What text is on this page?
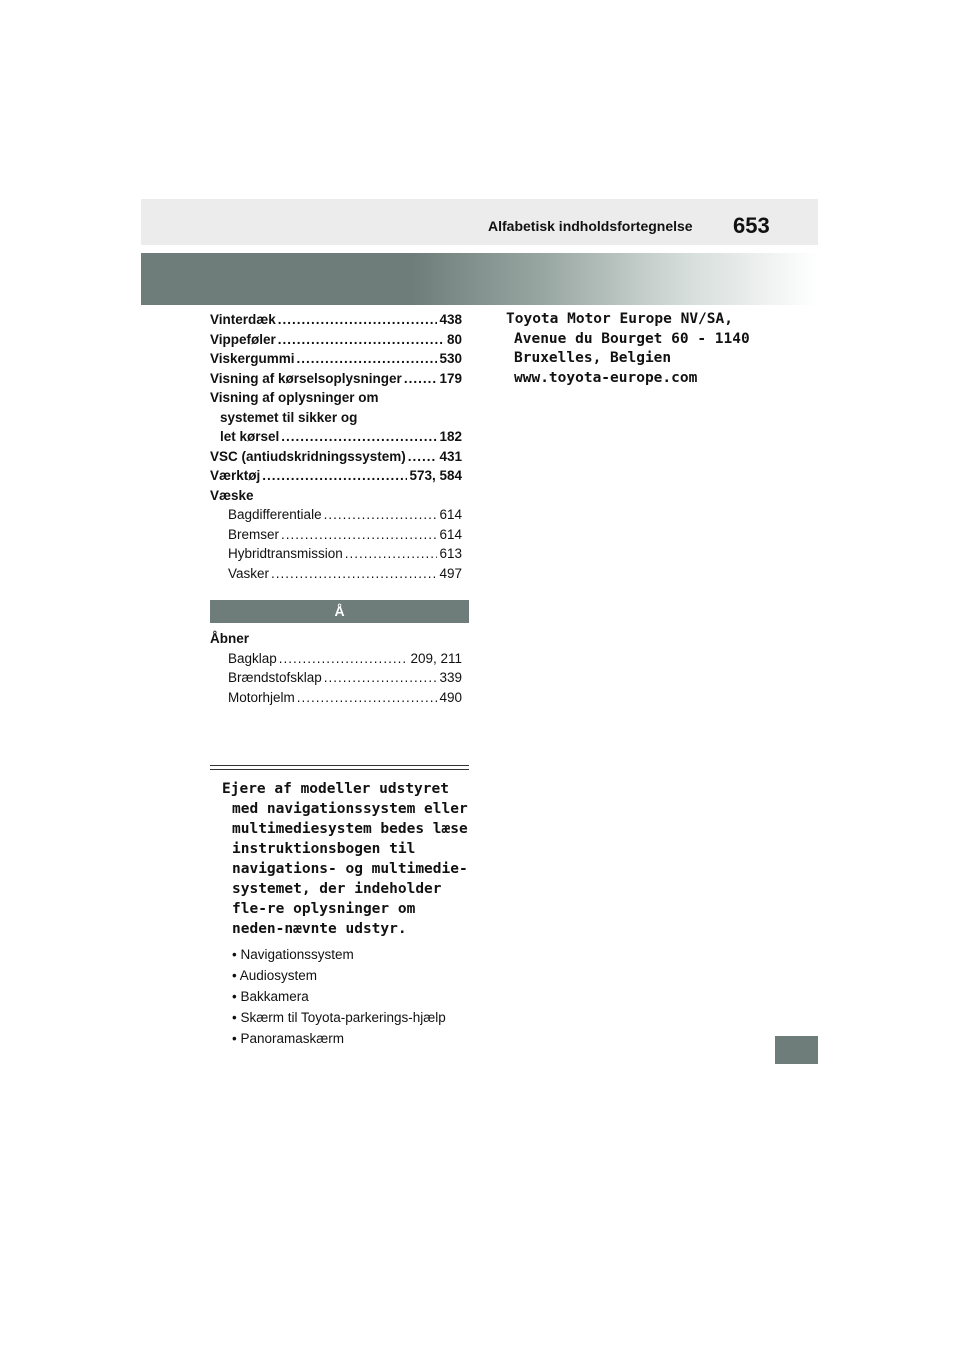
Alfabetisk indholdsfortegnelse 653
Vinterdæk .....	438
Vippeføler .....	80
Viskergummi .....	530
Visning af kørselsoplysninger .....	179
Visning af oplysninger om
systemet til sikker og
let kørsel .....	182
VSC (antiudskridningssystem) ..... 431
Værktøj .....	573, 584
Væske
Bagdifferentiale .....	614
Bremser .....	614
Hybridtransmission .....	613
Vasker .....	497
Å
Åbner
Bagklap .....	209, 211
Brændstofsklap .....	339
Motorhjelm .....	490

Ejere af modeller udstyret med navigationssystem eller multimediesystem bedes læse instruktionsbogen til navigations- og multimedie-systemet, der indeholder fle-re oplysninger om neden-nævnte udstyr.

• Navigationssystem
• Audiosystem
• Bakkamera
• Skærm til Toyota-parkerings-hjælp
• Panoramaskærm
Toyota Motor Europe NV/SA,
Avenue du Bourget 60 - 1140
Bruxelles, Belgien
www.toyota-europe.com
